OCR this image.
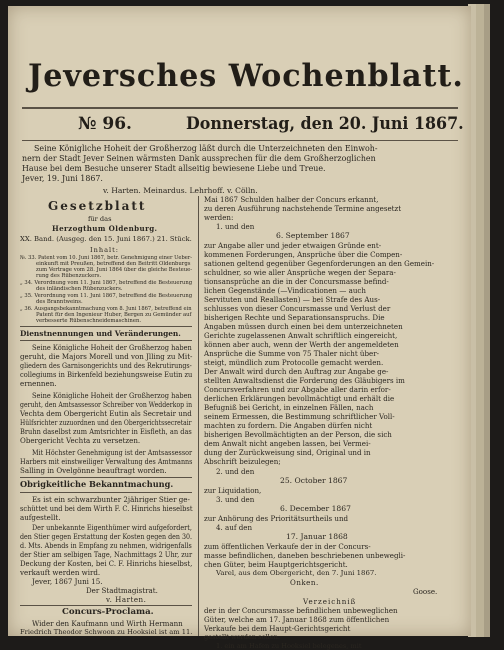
Jeversches Wochenblatt.
№ 96.	Donnerstag, den 20. Juni 1867.
Seine Königliche Hoheit der Großherzog läßt durch die Unterzeichneten den Einwoh-
nern der Stadt Jever Seinen wärmsten Dank aussprechen für die dem Großherzoglichen
Hause bei dem Besuche unserer Stadt allseitig bewiesene Liebe und Treue.
Jever, 19. Juni 1867.
v. Harten. Meinardus. Lehrhoff. v. Cölln.
Gesetzblatt
für das
Herzogthum Oldenburg.
XX. Band. (Ausgeg. den 15. Juni 1867.) 21. Stück.
Inhalt:
№. 33. Patent vom 10. Juni 1867, betr. Genehmigung einer Ueber-
einkunft mit Preußen, betreffend den Beitritt Oldenburgs
zum Vertrage vom 28. Juni 1864 über die gleiche Besteue-
rung des Rübenzuckers.
„ 34. Verordnung vom 11. Juni 1867, betreffend die Besteuerung
des inländischen Rübenzuckers.
„ 35. Verordnung vom 11. Juni 1867, betreffend die Besteuerung
des Branntweins.
„ 36. Ausgangsbekanntmachung vom 8. Juni 1867, betreffend ein
Patent für den Ingenieur Huber, Bergen zu Gemünder auf
verbesserte Rübenschneidemaschinen.
Dienstnennungen und Veränderungen.
Seine Königliche Hoheit der Großherzog haben
geruht, die Majors Morell und von Jlling zu Mit-
gliedern des Garnisongerichts und des Rekrutirungs-
collegiums in Birkenfeld beziehungsweise Eutin zu
ernennen.
Seine Königliche Hoheit der Großherzog haben
geruht, den Amtsassessor Schreiber von Wedderkop in
Vechta dem Obergericht Eutin als Secretair und
Hülfsrichter zuzuordnen und den Obergerichtssecretair
Bruhn daselbst zum Amtsrichter in Eisfleth, an das
Obergericht Vechta zu versetzen.
Mit Höchster Genehmigung ist der Amtsassessor
Harbers mit einstweiliger Verwaltung des Amtmanns
Salling in Ovelgönne beauftragt worden.
Obrigkeitliche Bekanntmachung.
Es ist ein schwarzbunter 2jähriger Stier ge-
schüttet und bei dem Wirth F. C. Hinrichs hieselbst
aufgestellt.
Der unbekannte Eigenthümer wird aufgefordert,
den Stier gegen Erstattung der Kosten gegen den 30.
d. Mts. Abends in Empfang zu nehmen, widrigenfalls
der Stier am selbigen Tage, Nachmittags 2 Uhr, zur
Deckung der Kosten, bei C. F. Hinrichs hieselbst,
verkauft werden wird.
Jever, 1867 Juni 15.
Der Stadtmagistrat.
v. Harten.
Concurs-Proclama.
Wider den Kaufmann und Wirth Hermann
Friedrich Theodor Schwoon zu Hooksiel ist am 11.
Mai 1867 Schulden halber der Concurs erkannt,
zu deren Ausführung nachstehende Termine angesetzt
werden:
1. und den
6. September 1867
zur Angabe aller und jeder etwaigen Gründe ent-
kommenen Forderungen, Ansprüche über die Compen-
sationen geltend gegenüber Gegenforderungen an den Gemein-
schuldner, so wie aller Ansprüche wegen der Separa-
tionsansprüche an die in der Concursmasse befind-
lichen Gegenstände (—Vindicationen — auch
Servituten und Reallasten) — bei Strafe des Aus-
schlusses von dieser Concursmasse und Verlust der
bisherigen Rechte und Separationsanspruchs. Die
Angaben müssen durch einen bei dem unterzeichneten
Gerichte zugelassenen Anwalt schriftlich eingereicht,
können aber auch, wenn der Werth der angemeldeten
Ansprüche die Summe von 75 Thaler nicht über-
steigt, mündlich zum Protocolle gemacht werden.
Der Anwalt wird durch den Auftrag zur Angabe ge-
stellten Anwaltsdienst die Forderung des Gläubigers im
Concursverfahren und zur Abgabe aller darin erfor-
derlichen Erklärungen bevollmächtigt und erhält die
Befugniß bei Gericht, in einzelnen Fällen, nach
seinem Ermessen, die Bestimmung schriftlicher Voll-
machten zu fordern. Die Angaben dürfen nicht
bisherigen Bevollmächtigten an der Person, die sich
dem Anwalt nicht angeben lassen, bei Vermei-
dung der Zurückweisung sind, Original und in
Abschrift beizulegen;
2. und den
25. October 1867
zur Liquidation,
3. und den
6. December 1867
zur Anhörung des Prioritätsurtheils und
4. auf den
17. Januar 1868
zum öffentlichen Verkaufe der in der Concurs-
masse befindlichen, daneben beschriebenen unbewegli-
chen Güter, beim Hauptgerichtsgericht.
Varel, aus dem Obergericht, den 7. Juni 1867.
Onken.
Goose.
Verzeichniß
der in der Concursmasse befindlichen unbeweglichen
Güter, welche am 17. Januar 1868 zum öffentlichen
Verkaufe bei dem Haupt-Gerichtsgericht
gestellt werden sollen.
1. ein am Hafen zu Hooksiel belegenes, mit
